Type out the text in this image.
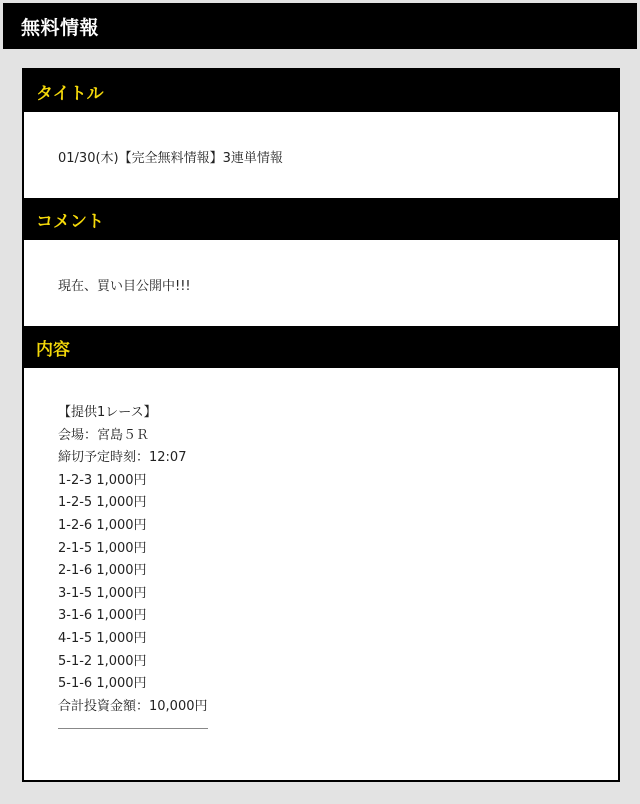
無料情報
タイトル
01/30(木)【完全無料情報】3連単情報
コメント
現在、買い目公開中!!!
内容
【提供1レース】
会場：宮島５Ｒ
締切予定時刻：12:07
1-2-3 1,000円
1-2-5 1,000円
1-2-6 1,000円
2-1-5 1,000円
2-1-6 1,000円
3-1-5 1,000円
3-1-6 1,000円
4-1-5 1,000円
5-1-2 1,000円
5-1-6 1,000円
合計投資金額：10,000円
